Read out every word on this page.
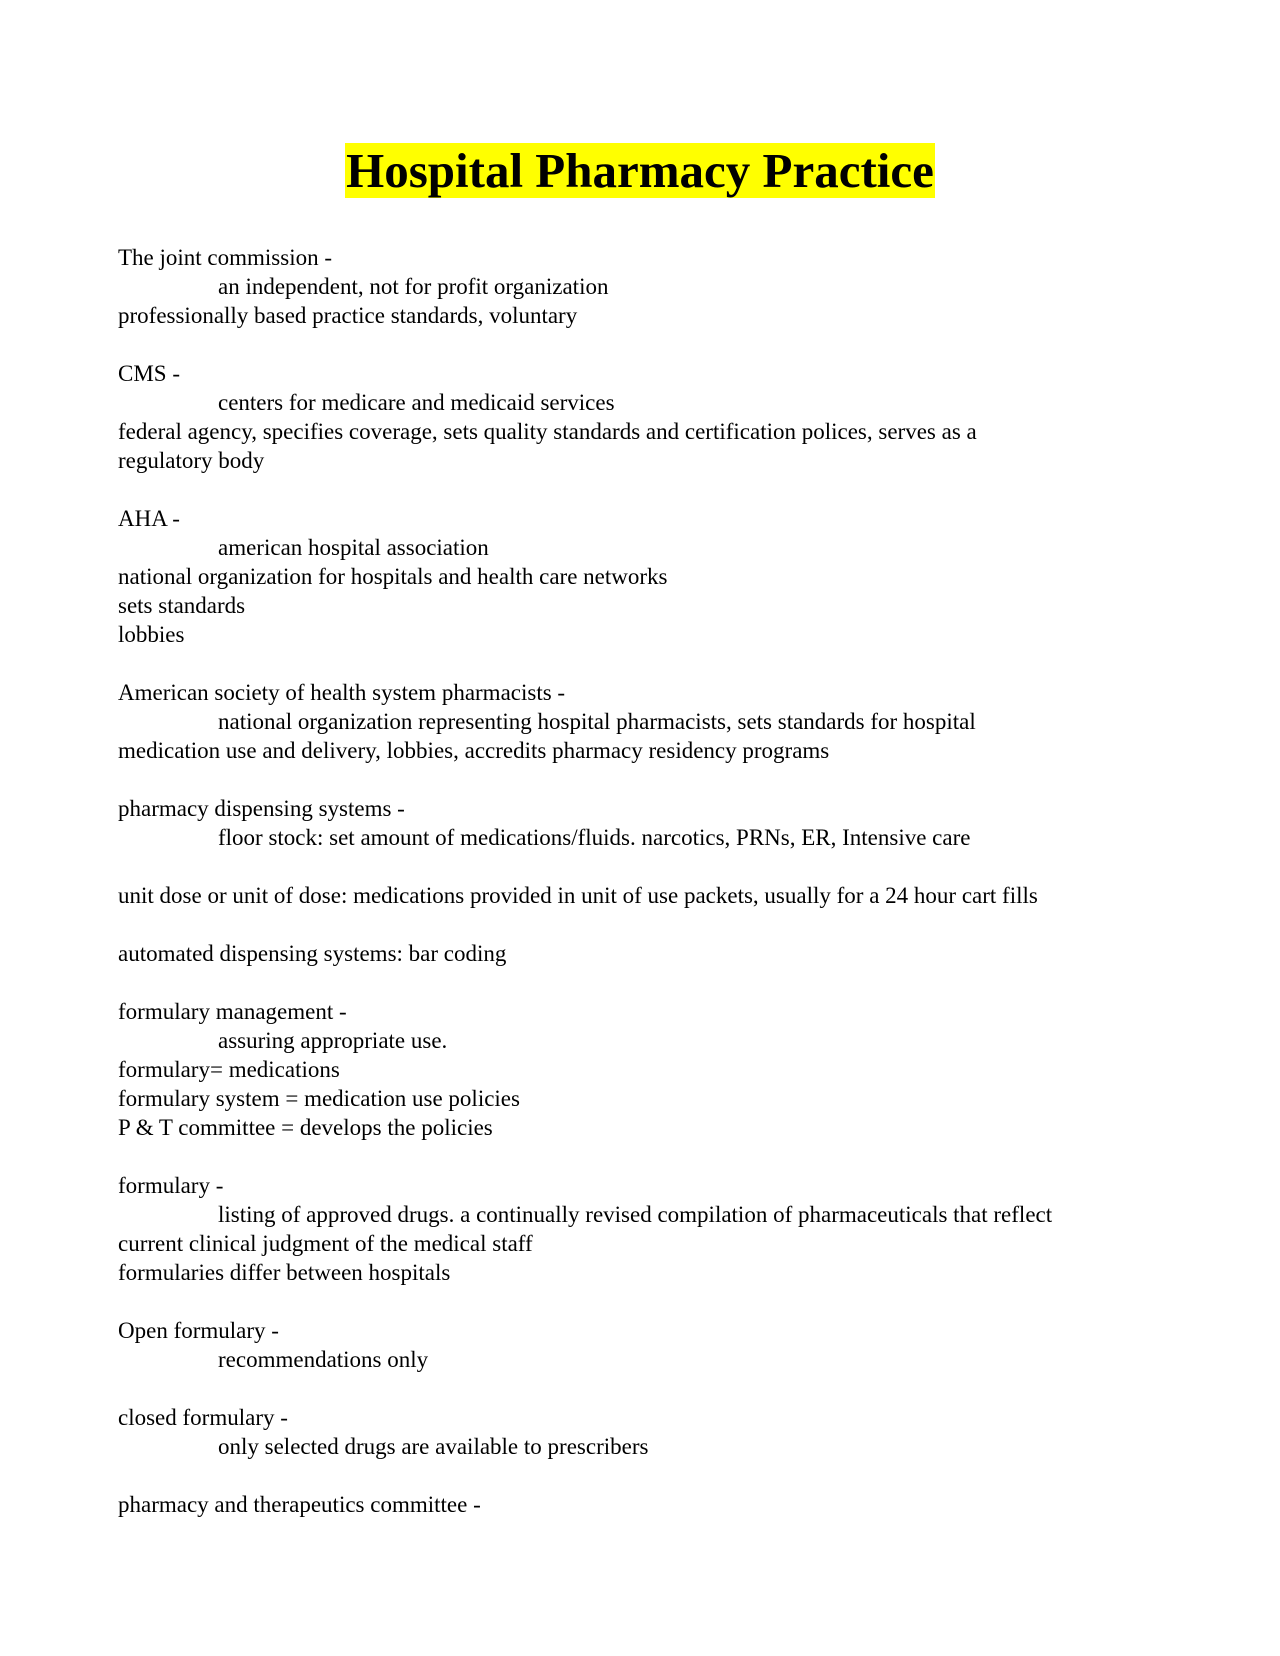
Hospital Pharmacy Practice
The joint commission -
an independent, not for profit organization
professionally based practice standards, voluntary
CMS -
centers for medicare and medicaid services
federal agency, specifies coverage, sets quality standards and certification polices, serves as a
regulatory body
AHA -
american hospital association
national organization for hospitals and health care networks
sets standards
lobbies
American society of health system pharmacists -
national organization representing hospital pharmacists, sets standards for hospital
medication use and delivery, lobbies, accredits pharmacy residency programs
pharmacy dispensing systems -
floor stock: set amount of medications/fluids. narcotics, PRNs, ER, Intensive care
unit dose or unit of dose: medications provided in unit of use packets, usually for a 24 hour cart fills
automated dispensing systems: bar coding
formulary management -
assuring appropriate use.
formulary= medications
formulary system = medication use policies
P & T committee = develops the policies
formulary -
listing of approved drugs. a continually revised compilation of pharmaceuticals that reflect
current clinical judgment of the medical staff
formularies differ between hospitals
Open formulary -
recommendations only
closed formulary -
only selected drugs are available to prescribers
pharmacy and therapeutics committee -
